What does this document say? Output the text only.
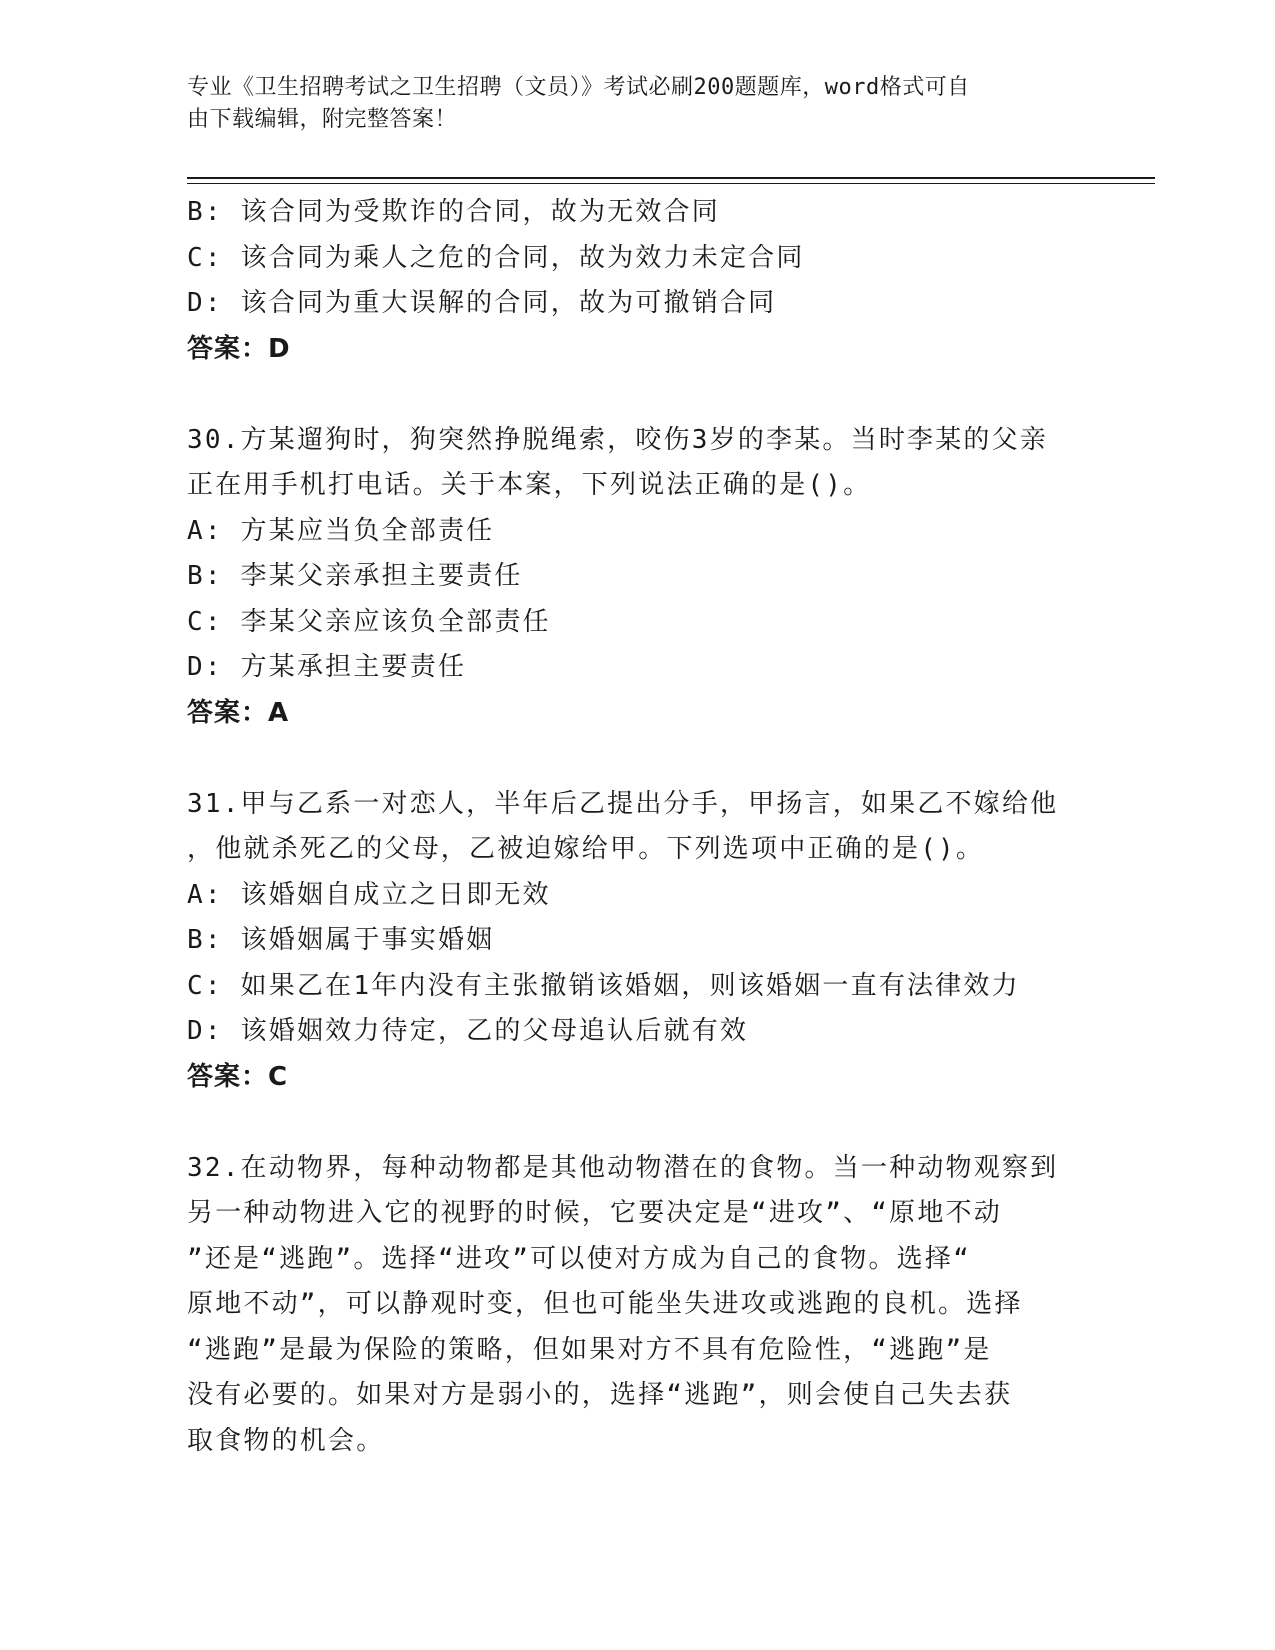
专业《卫生招聘考试之卫生招聘（文员）》考试必刷200题题库，word格式可自
由下载编辑，附完整答案！
B: 该合同为受欺诈的合同，故为无效合同
C: 该合同为乘人之危的合同，故为效力未定合同
D: 该合同为重大误解的合同，故为可撤销合同
答案：D
30.方某遛狗时，狗突然挣脱绳索，咬伤3岁的李某。当时李某的父亲
正在用手机打电话。关于本案，下列说法正确的是()。
A: 方某应当负全部责任
B: 李某父亲承担主要责任
C: 李某父亲应该负全部责任
D: 方某承担主要责任
答案：A
31.甲与乙系一对恋人，半年后乙提出分手，甲扬言，如果乙不嫁给他
，他就杀死乙的父母，乙被迫嫁给甲。下列选项中正确的是()。
A: 该婚姻自成立之日即无效
B: 该婚姻属于事实婚姻
C: 如果乙在1年内没有主张撤销该婚姻，则该婚姻一直有法律效力
D: 该婚姻效力待定，乙的父母追认后就有效
答案：C
32.在动物界，每种动物都是其他动物潜在的食物。当一种动物观察到
另一种动物进入它的视野的时候，它要决定是“进攻”、“原地不动
”还是“逃跑”。选择“进攻”可以使对方成为自己的食物。选择“
原地不动”，可以静观时变，但也可能坐失进攻或逃跑的良机。选择
“逃跑”是最为保险的策略，但如果对方不具有危险性，“逃跑”是
没有必要的。如果对方是弱小的，选择“逃跑”，则会使自己失去获
取食物的机会。
